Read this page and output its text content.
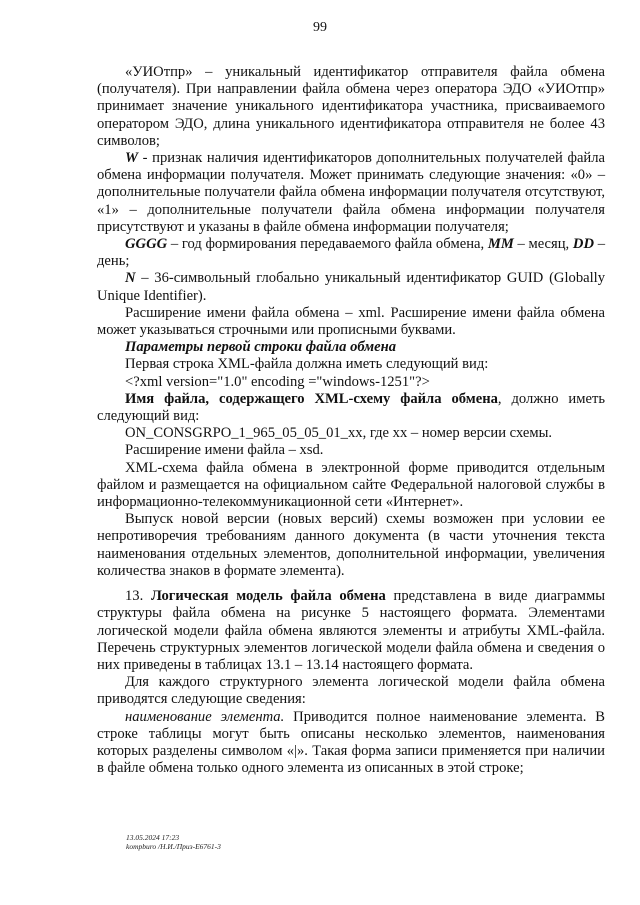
99

«УИОтпр» – уникальный идентификатор отправителя файла обмена (получателя). При направлении файла обмена через оператора ЭДО «УИОтпр» принимает значение уникального идентификатора участника, присваиваемого оператором ЭДО, длина уникального идентификатора отправителя не более 43 символов;

W - признак наличия идентификаторов дополнительных получателей файла обмена информации получателя. Может принимать следующие значения: «0» – дополнительные получатели файла обмена информации получателя отсутствуют, «1» – дополнительные получатели файла обмена информации получателя присутствуют и указаны в файле обмена информации получателя;

GGGG – год формирования передаваемого файла обмена, MM – месяц, DD – день;

N – 36-символьный глобально уникальный идентификатор GUID (Globally Unique Identifier).

Расширение имени файла обмена – xml. Расширение имени файла обмена может указываться строчными или прописными буквами.

Параметры первой строки файла обмена

Первая строка XML-файла должна иметь следующий вид:

<?xml version="1.0" encoding ="windows-1251"?>

Имя файла, содержащего XML-схему файла обмена, должно иметь следующий вид:

ON_CONSGRPO_1_965_05_05_01_xx, где xx – номер версии схемы.

Расширение имени файла – xsd.

XML-схема файла обмена в электронной форме приводится отдельным файлом и размещается на официальном сайте Федеральной налоговой службы в информационно-телекоммуникационной сети «Интернет».

Выпуск новой версии (новых версий) схемы возможен при условии ее непротиворечия требованиям данного документа (в части уточнения текста наименования отдельных элементов, дополнительной информации, увеличения количества знаков в формате элемента).

13. Логическая модель файла обмена представлена в виде диаграммы структуры файла обмена на рисунке 5 настоящего формата. Элементами логической модели файла обмена являются элементы и атрибуты XML-файла. Перечень структурных элементов логической модели файла обмена и сведения о них приведены в таблицах 13.1 – 13.14 настоящего формата.

Для каждого структурного элемента логической модели файла обмена приводятся следующие сведения:

наименование элемента. Приводится полное наименование элемента. В строке таблицы могут быть описаны несколько элементов, наименования которых разделены символом «|». Такая форма записи применяется при наличии в файле обмена только одного элемента из описанных в этой строке;

13.05.2024 17:23
kompburo /Н.И./Приз-E6761-3
